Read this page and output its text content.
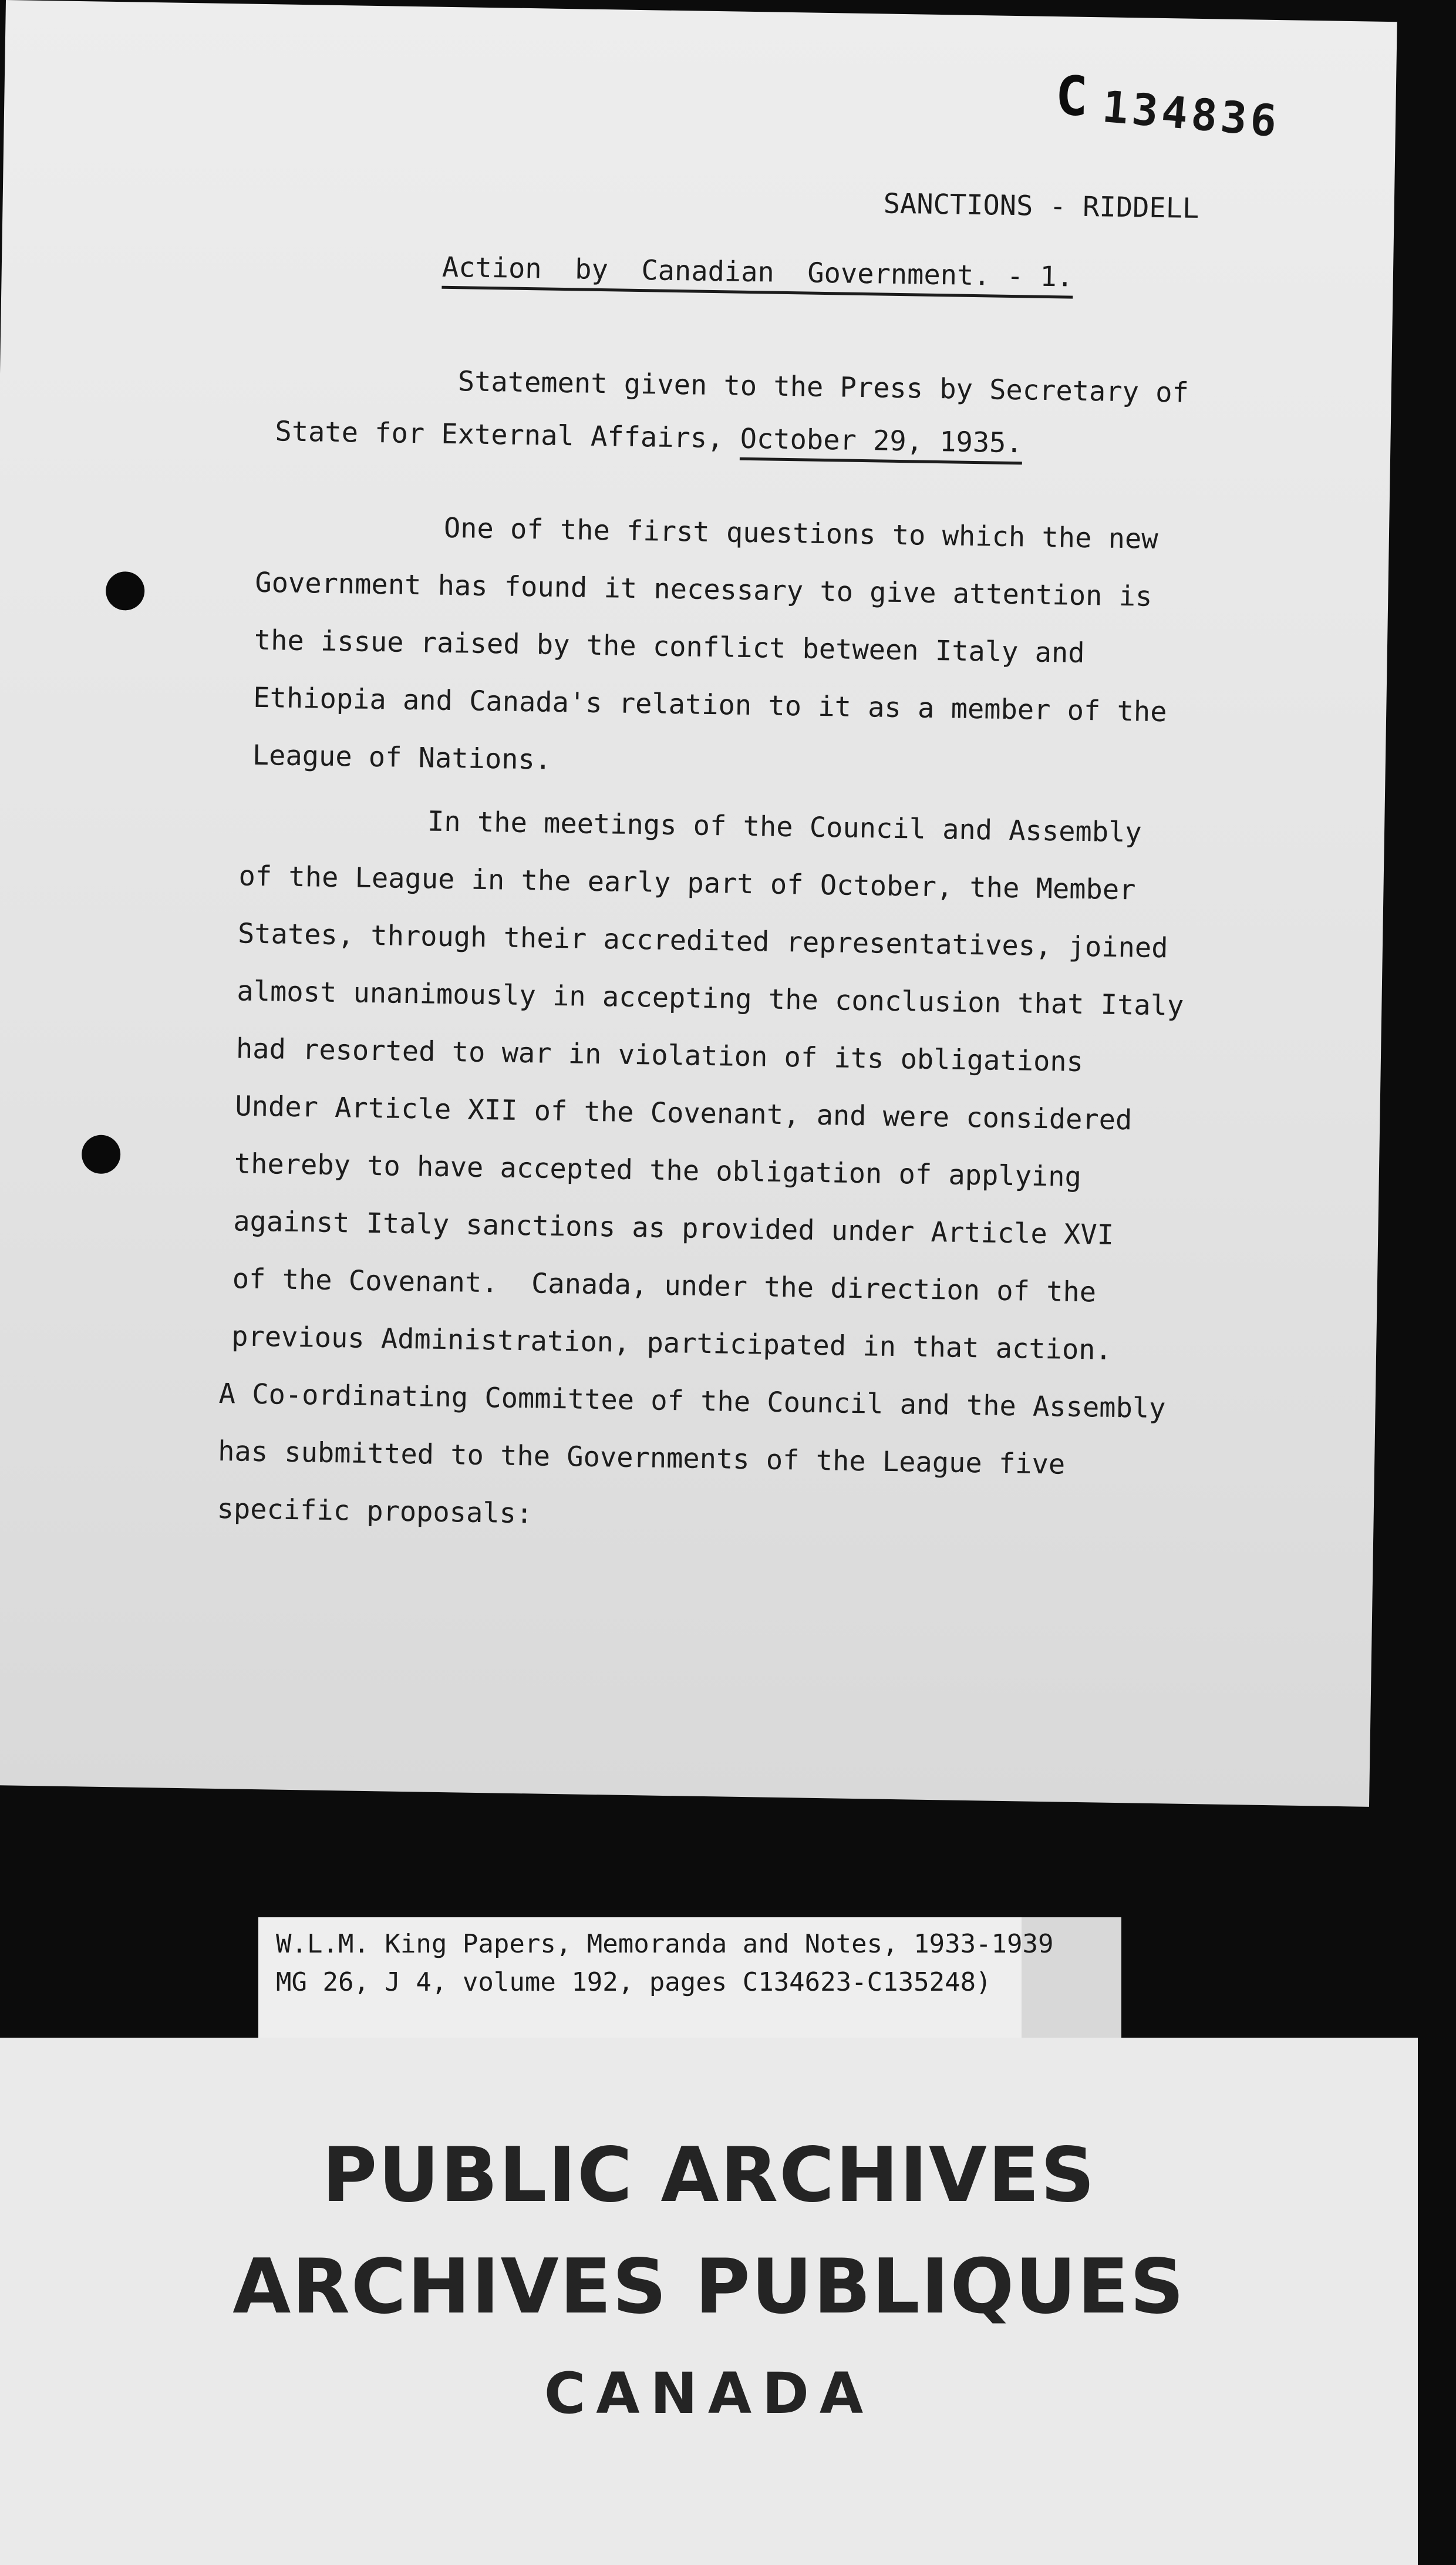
C 134836
SANCTIONS - RIDDELL
Action  by  Canadian  Government. - 1.
Statement given to the Press by Secretary of
State for External Affairs, October 29, 1935.
One of the first questions to which the new
Government has found it necessary to give attention is
the issue raised by the conflict between Italy and
Ethiopia and Canada's relation to it as a member of the
League of Nations.
In the meetings of the Council and Assembly
of the League in the early part of October, the Member
States, through their accredited representatives, joined
almost unanimously in accepting the conclusion that Italy
had resorted to war in violation of its obligations
Under Article XII of the Covenant, and were considered
thereby to have accepted the obligation of applying
against Italy sanctions as provided under Article XVI
of the Covenant.  Canada, under the direction of the
previous Administration, participated in that action.
A Co-ordinating Committee of the Council and the Assembly
has submitted to the Governments of the League five
specific proposals:
W.L.M. King Papers, Memoranda and Notes, 1933-1939
MG 26, J 4, volume 192, pages C134623-C135248)
PUBLIC ARCHIVES
ARCHIVES PUBLIQUES
CANADA
